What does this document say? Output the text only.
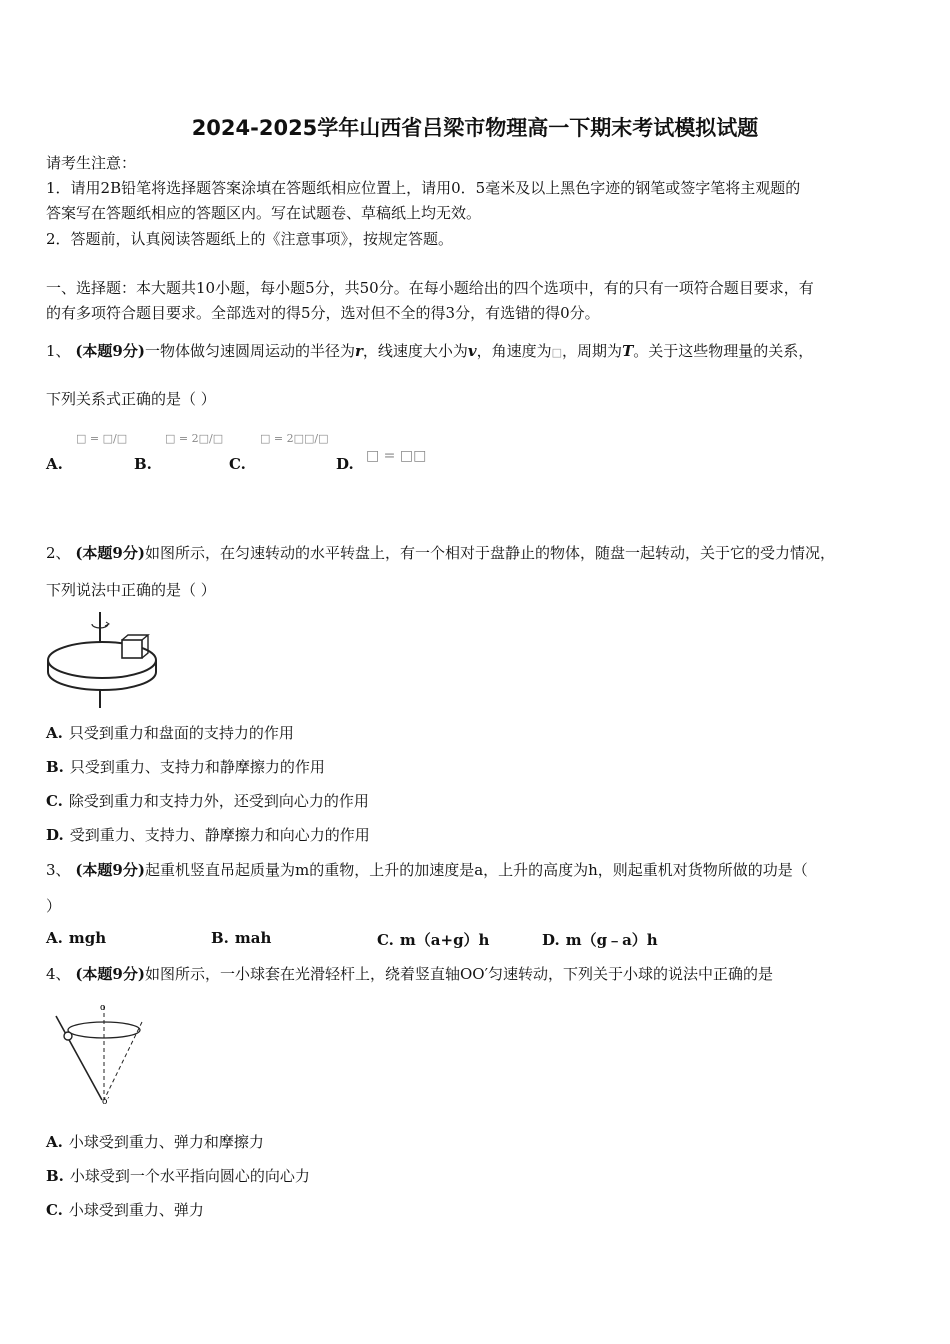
2024-2025学年山西省吕梁市物理高一下期末考试模拟试题
请考生注意：
1．请用2B铅笔将选择题答案涂填在答题纸相应位置上，请用0．5毫米及以上黑色字迹的钢笔或签字笔将主观题的
答案写在答题纸相应的答题区内。写在试题卷、草稿纸上均无效。
2．答题前，认真阅读答题纸上的《注意事项》，按规定答题。
一、选择题：本大题共10小题，每小题5分，共50分。在每小题给出的四个选项中，有的只有一项符合题目要求，有
的有多项符合题目要求。全部选对的得5分，选对但不全的得3分，有选错的得0分。
1、 (本题9分)一物体做匀速圆周运动的半径为r，线速度大小为v，角速度为□，周期为T。关于这些物理量的关系，
下列关系式正确的是（ ）
A.
□ = □/□
B.
□ = 2□/□
C.
□ = 2□□/□
D. □ = □□
2、 (本题9分)如图所示，在匀速转动的水平转盘上，有一个相对于盘静止的物体，随盘一起转动，关于它的受力情况，
下列说法中正确的是（ ）
A. 只受到重力和盘面的支持力的作用
B. 只受到重力、支持力和静摩擦力的作用
C. 除受到重力和支持力外，还受到向心力的作用
D. 受到重力、支持力、静摩擦力和向心力的作用
3、 (本题9分)起重机竖直吊起质量为m的重物，上升的加速度是a，上升的高度为h，则起重机对货物所做的功是（
）
A. mgh	B. mah	C. m（a+g）h	D. m（g﹣a）h
4、 (本题9分)如图所示，一小球套在光滑轻杆上，绕着竖直轴OO′匀速转动，下列关于小球的说法中正确的是
o
o′
A. 小球受到重力、弹力和摩擦力
B. 小球受到一个水平指向圆心的向心力
C. 小球受到重力、弹力
